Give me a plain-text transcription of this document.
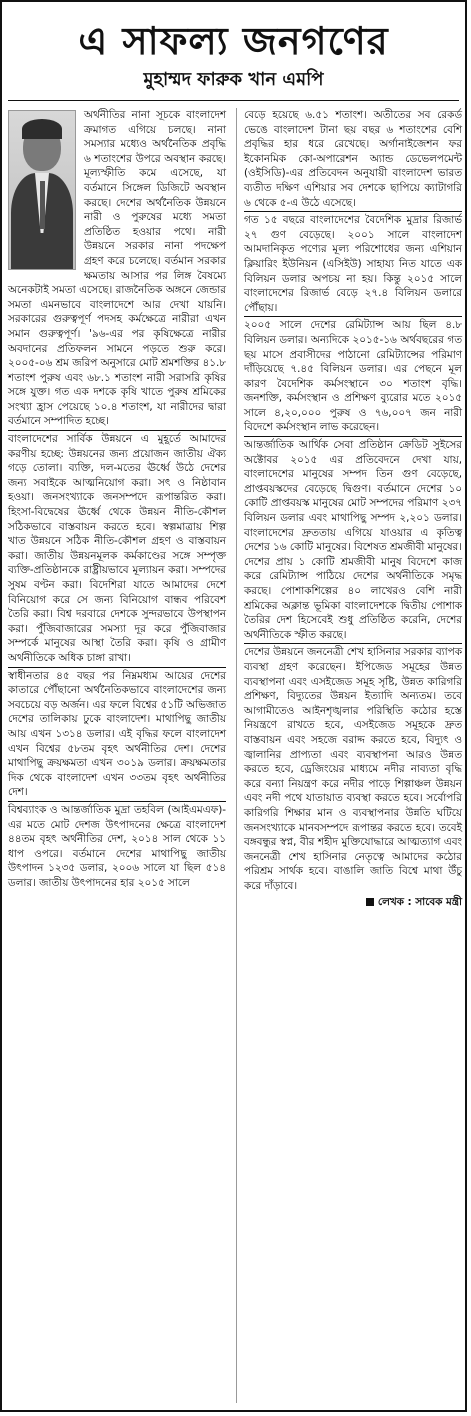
এ সাফল্য জনগণের
মুহাম্মদ ফারুক খান এমপি

অর্থনীতির নানা সূচকে বাংলাদেশ ক্রমাগত এগিয়ে চলছে। নানা সমস্যার মধ্যেও অর্থনৈতিক প্রবৃদ্ধি ৬ শতাংশের উপরে অবস্থান করছে। মূল্যস্ফীতি কমে এসেছে, যা বর্তমানে সিঙ্গেল ডিজিটে অবস্থান করছে। দেশের অর্থনৈতিক উন্নয়নে নারী ও পুরুষের মধ্যে সমতা প্রতিষ্ঠিত হওয়ার পথে। নারী উন্নয়নে সরকার নানা পদক্ষেপ গ্রহণ করে চলেছে। বর্তমান সরকার ক্ষমতায় আসার পর লিঙ্গ বৈষম্যে অনেকটাই সমতা এসেছে। রাজনৈতিক অঙ্গনে জেন্ডার সমতা এমনভাবে বাংলাদেশে আর দেখা যায়নি। সরকারের গুরুত্বপূর্ণ পদসহ কর্মক্ষেত্রে নারীরা এখন সমান গুরুত্বপূর্ণ। '৯৬-এর পর কৃষিক্ষেত্রে নারীর অবদানের প্রতিফলন সামনে পড়তে শুরু করে। ২০০৫-০৬ শ্রম জরিপ অনুসারে মোট শ্রমশক্তির ৪১.৮ শতাংশ পুরুষ এবং ৬৮.১ শতাংশ নারী সরাসরি কৃষির সঙ্গে যুক্ত। গত এক দশকে কৃষি খাতে পুরুষ শ্রমিকের সংখ্যা হ্রাস পেয়েছে ১০.৪ শতাংশ, যা নারীদের দ্বারা বর্তমানে সম্পাদিত হচ্ছে।

বাংলাদেশের সার্বিক উন্নয়নে এ মুহূর্তে আমাদের করণীয় হচ্ছে: উন্নয়নের জন্য প্রয়োজন জাতীয় ঐক্য গড়ে তোলা। ব্যক্তি, দল-মতের ঊর্ধ্বে উঠে দেশের জন্য সবাইকে আত্মনিয়োগ করা। সৎ ও নিষ্ঠাবান হওয়া। জনসংখ্যাকে জনসম্পদে রূপান্তরিত করা। হিংসা-বিদ্বেষের ঊর্ধ্বে থেকে উন্নয়ন নীতি-কৌশল সঠিকভাবে বাস্তবায়ন করতে হবে। স্বল্পমাত্রায় শিল্প খাত উন্নয়নে সঠিক নীতি-কৌশল গ্রহণ ও বাস্তবায়ন করা। জাতীয় উন্নয়নমূলক কর্মকাণ্ডের সঙ্গে সম্পৃক্ত ব্যক্তি-প্রতিষ্ঠানকে রাষ্ট্রীয়ভাবে মূল্যায়ন করা। সম্পদের সুষম বণ্টন করা। বিদেশিরা যাতে আমাদের দেশে বিনিয়োগ করে সে জন্য বিনিয়োগ বান্ধব পরিবেশ তৈরি করা। বিশ্ব দরবারে দেশকে সুন্দরভাবে উপস্থাপন করা। পুঁজিবাজারের সমস্যা দূর করে পুঁজিবাজার সম্পর্কে মানুষের আস্থা তৈরি করা। কৃষি ও গ্রামীণ অর্থনীতিকে অধিক চাঙ্গা রাখা।

স্বাধীনতার ৪৫ বছর পর নিম্নমধ্যম আয়ের দেশের কাতারে পৌঁছানো অর্থনৈতিকভাবে বাংলাদেশের জন্য সবচেয়ে বড় অর্জন। এর ফলে বিশ্বের ৫১টি অভিজাত দেশের তালিকায় ঢুকে বাংলাদেশ। মাথাপিছু জাতীয় আয় এখন ১৩১৪ ডলার। এই বৃদ্ধির ফলে বাংলাদেশ এখন বিশ্বের ৫৮তম বৃহৎ অর্থনীতির দেশ। দেশের মাথাপিছু ক্রয়ক্ষমতা এখন ৩০১৯ ডলার। ক্রয়ক্ষমতার দিক থেকে বাংলাদেশ এখন ৩৩তম বৃহৎ অর্থনীতির দেশ।

বিশ্বব্যাংক ও আন্তর্জাতিক মুদ্রা তহবিল (আইএমএফ)-এর মতে মোট দেশজ উৎপাদনের ক্ষেত্রে বাংলাদেশ ৪৪তম বৃহৎ অর্থনীতির দেশ, ২০১৪ সাল থেকে ১১ ধাপ ওপরে। বর্তমানে দেশের মাথাপিছু জাতীয় উৎপাদন ১২৩৫ ডলার, ২০০৬ সালে যা ছিল ৫১৪ ডলার। জাতীয় উৎপাদনের হার ২০১৫ সালে

বেড়ে হয়েছে ৬.৫১ শতাংশ। অতীতের সব রেকর্ড ভেঙে বাংলাদেশ টানা ছয় বছর ৬ শতাংশের বেশি প্রবৃদ্ধির হার ধরে রেখেছে। অর্গানাইজেশন ফর ইকোনমিক কো-অপারেশন অ্যান্ড ডেভেলপমেন্ট (ওইসিডি)-এর প্রতিবেদন অনুযায়ী বাংলাদেশ ভারত ব্যতীত দক্ষিণ এশিয়ার সব দেশকে ছাপিয়ে ক্যাটাগরি ৬ থেকে ৫-এ উঠে এসেছে।

গত ১৫ বছরে বাংলাদেশের বৈদেশিক মুদ্রার রিজার্ভ ২৭ গুণ বেড়েছে। ২০০১ সালে বাংলাদেশ আমদানিকৃত পণ্যের মূল্য পরিশোধের জন্য এশিয়ান ক্লিয়ারিং ইউনিয়ন (এসিইউ) সাহায্য নিত যাতে এক বিলিয়ন ডলার অপচয় না হয়। কিন্তু ২০১৫ সালে বাংলাদেশের রিজার্ভ বেড়ে ২৭.৪ বিলিয়ন ডলারে পৌঁছায়।

২০০৫ সালে দেশের রেমিট্যান্স আয় ছিল ৪.৮ বিলিয়ন ডলার। অন্যদিকে ২০১৫-১৬ অর্থবছরের গত ছয় মাসে প্রবাসীদের পাঠানো রেমিট্যান্সের পরিমাণ দাঁড়িয়েছে ৭.৪৫ বিলিয়ন ডলার। এর পেছনে মূল কারণ বৈদেশিক কর্মসংস্থানে ৩০ শতাংশ বৃদ্ধি। জনশক্তি, কর্মসংস্থান ও প্রশিক্ষণ ব্যুরোর মতে ২০১৫ সালে ৪,২০,০০০ পুরুষ ও ৭৬,০০৭ জন নারী বিদেশে কর্মসংস্থান লাভ করেছেন।

আন্তর্জাতিক আর্থিক সেবা প্রতিষ্ঠান ক্রেডিট সুইসের অক্টোবর ২০১৫ এর প্রতিবেদনে দেখা যায়, বাংলাদেশের মানুষের সম্পদ তিন গুণ বেড়েছে, প্রাপ্তবয়স্কদের বেড়েছে দ্বিগুণ। বর্তমানে দেশের ১০ কোটি প্রাপ্তবয়স্ক মানুষের মোট সম্পদের পরিমাণ ২৩৭ বিলিয়ন ডলার এবং মাথাপিছু সম্পদ ২,২০১ ডলার। বাংলাদেশের দ্রুততায় এগিয়ে যাওয়ার এ কৃতিত্ব দেশের ১৬ কোটি মানুষের। বিশেষত শ্রমজীবী মানুষের। দেশের প্রায় ১ কোটি শ্রমজীবী মানুষ বিদেশে কাজ করে রেমিট্যান্স পাঠিয়ে দেশের অর্থনীতিকে সমৃদ্ধ করছে। পোশাকশিল্পের ৪০ লাখেরও বেশি নারী শ্রমিকের অক্লান্ত ভূমিকা বাংলাদেশকে দ্বিতীয় পোশাক তৈরির দেশ হিসেবেই শুধু প্রতিষ্ঠিত করেনি, দেশের অর্থনীতিকে স্ফীত করছে।

দেশের উন্নয়নে জননেত্রী শেখ হাসিনার সরকার ব্যাপক ব্যবস্থা গ্রহণ করেছেন। ইপিজেড সমূহের উন্নত ব্যবস্থাপনা এবং এসইজেড সমূহ সৃষ্টি, উন্নত কারিগরি প্রশিক্ষণ, বিদ্যুতের উন্নয়ন ইত্যাদি অন্যতম। তবে আগামীতেও আইনশৃঙ্খলার পরিস্থিতি কঠোর হস্তে নিয়ন্ত্রণে রাখতে হবে, এসইজেড সমূহকে দ্রুত বাস্তবায়ন এবং সহজে বরাদ্দ করতে হবে, বিদ্যুৎ ও জ্বালানির প্রাপ্যতা এবং ব্যবস্থাপনা আরও উন্নত করতে হবে, ড্রেজিংয়ের মাধ্যমে নদীর নাব্যতা বৃদ্ধি করে বন্যা নিয়ন্ত্রণ করে নদীর পাড়ে শিল্পাঞ্চল উন্নয়ন এবং নদী পথে যাতায়াত ব্যবস্থা করতে হবে। সর্বোপরি কারিগরি শিক্ষার মান ও ব্যবস্থাপনার উন্নতি ঘটিয়ে জনসংখ্যাকে মানবসম্পদে রূপান্তর করতে হবে। তবেই বঙ্গবন্ধুর স্বপ্ন, বীর শহীদ মুক্তিযোদ্ধারে আত্মত্যাগ এবং জননেত্রী শেখ হাসিনার নেতৃত্বে আমাদের কঠোর পরিশ্রম সার্থক হবে। বাঙালি জাতি বিশ্বে মাথা উঁচু করে দাঁড়াবে।

লেখক : সাবেক মন্ত্রী
